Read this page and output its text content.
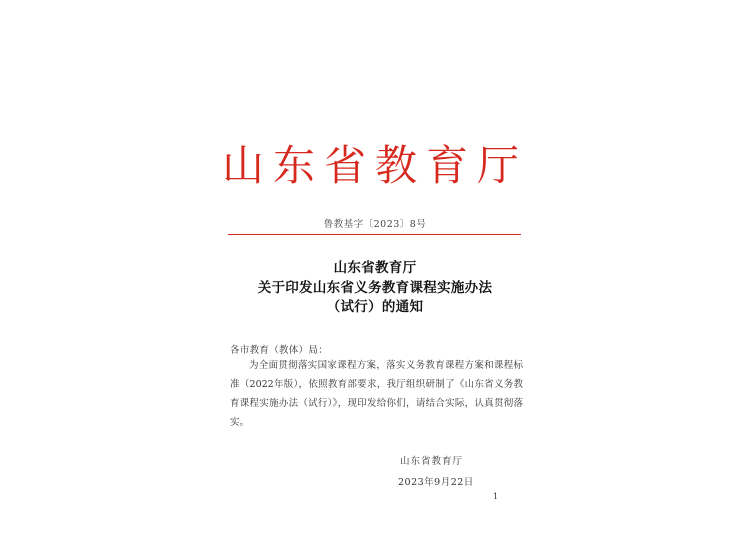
山东省教育厅
鲁教基字〔2023〕8号
山东省教育厅
关于印发山东省义务教育课程实施办法
（试行）的通知
各市教育（教体）局：
为全面贯彻落实国家课程方案，落实义务教育课程方案和课程标准（2022年版），依照教育部要求，我厅组织研制了《山东省义务教育课程实施办法（试行）》，现印发给你们，请结合实际，认真贯彻落实。
山东省教育厅
2023年9月22日
1
